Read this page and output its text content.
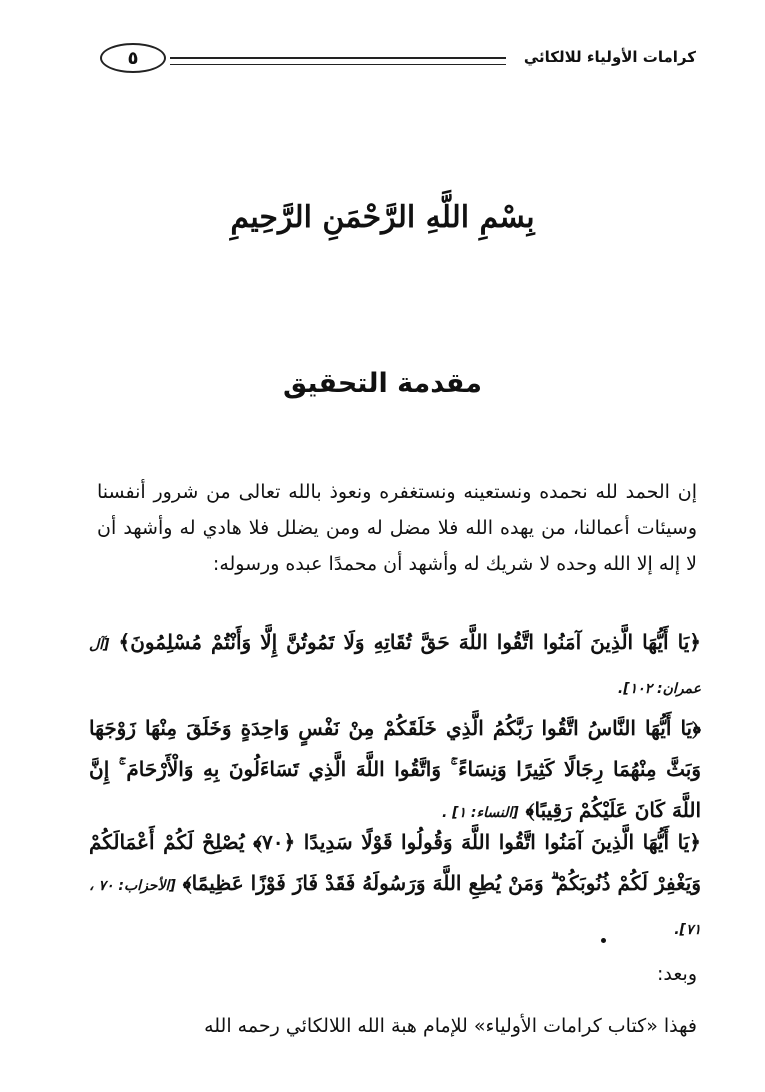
كرامات الأولياء للالكائي
٥
بِسْمِ اللَّهِ الرَّحْمَنِ الرَّحِيمِ
مقدمة التحقيق
إن الحمد لله نحمده ونستعينه ونستغفره ونعوذ بالله تعالى من شرور أنفسنا وسيئات أعمالنا، من يهده الله فلا مضل له ومن يضلل فلا هادي له وأشهد أن لا إله إلا الله وحده لا شريك له وأشهد أن محمدًا عبده ورسوله:
﴿يَا أَيُّهَا الَّذِينَ آمَنُوا اتَّقُوا اللَّهَ حَقَّ تُقَاتِهِ وَلَا تَمُوتُنَّ إِلَّا وَأَنْتُمْ مُسْلِمُونَ﴾ [آل عمران: ١٠٢].
﴿يَا أَيُّهَا النَّاسُ اتَّقُوا رَبَّكُمُ الَّذِي خَلَقَكُمْ مِنْ نَفْسٍ وَاحِدَةٍ وَخَلَقَ مِنْهَا زَوْجَهَا وَبَثَّ مِنْهُمَا رِجَالًا كَثِيرًا وَنِسَاءً ۚ وَاتَّقُوا اللَّهَ الَّذِي تَسَاءَلُونَ بِهِ وَالْأَرْحَامَ ۚ إِنَّ اللَّهَ كَانَ عَلَيْكُمْ رَقِيبًا﴾ [النساء: ١] .
﴿يَا أَيُّهَا الَّذِينَ آمَنُوا اتَّقُوا اللَّهَ وَقُولُوا قَوْلًا سَدِيدًا ﴿٧٠﴾ يُصْلِحْ لَكُمْ أَعْمَالَكُمْ وَيَغْفِرْ لَكُمْ ذُنُوبَكُمْ ۗ وَمَنْ يُطِعِ اللَّهَ وَرَسُولَهُ فَقَدْ فَازَ فَوْزًا عَظِيمًا﴾ [الأحزاب: ٧٠ ، ٧١].
وبعد:
فهذا «كتاب كرامات الأولياء» للإمام هبة الله اللالكائي رحمه الله
